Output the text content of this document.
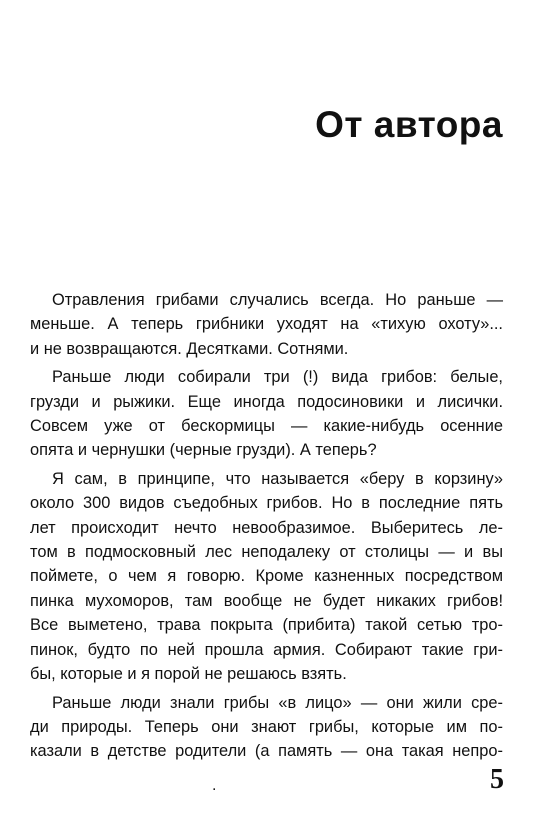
От автора

Отравления грибами случались всегда. Но раньше —
меньше. А теперь грибники уходят на «тихую охоту»...
и не возвращаются. Десятками. Сотнями.

Раньше люди собирали три (!) вида грибов: белые,
грузди и рыжики. Еще иногда подосиновики и лисички.
Совсем уже от бескормицы — какие-нибудь осенние
опята и чернушки (черные грузди). А теперь?

Я сам, в принципе, что называется «беру в корзину»
около 300 видов съедобных грибов. Но в последние пять
лет происходит нечто невообразимое. Выберитесь ле-
том в подмосковный лес неподалеку от столицы — и вы
поймете, о чем я говорю. Кроме казненных посредством
пинка мухоморов, там вообще не будет никаких грибов!
Все выметено, трава покрыта (прибита) такой сетью тро-
пинок, будто по ней прошла армия. Собирают такие гри-
бы, которые и я порой не решаюсь взять.

Раньше люди знали грибы «в лицо» — они жили сре-
ди природы. Теперь они знают грибы, которые им по-
казали в детстве родители (а память — она такая непро-

.	5
